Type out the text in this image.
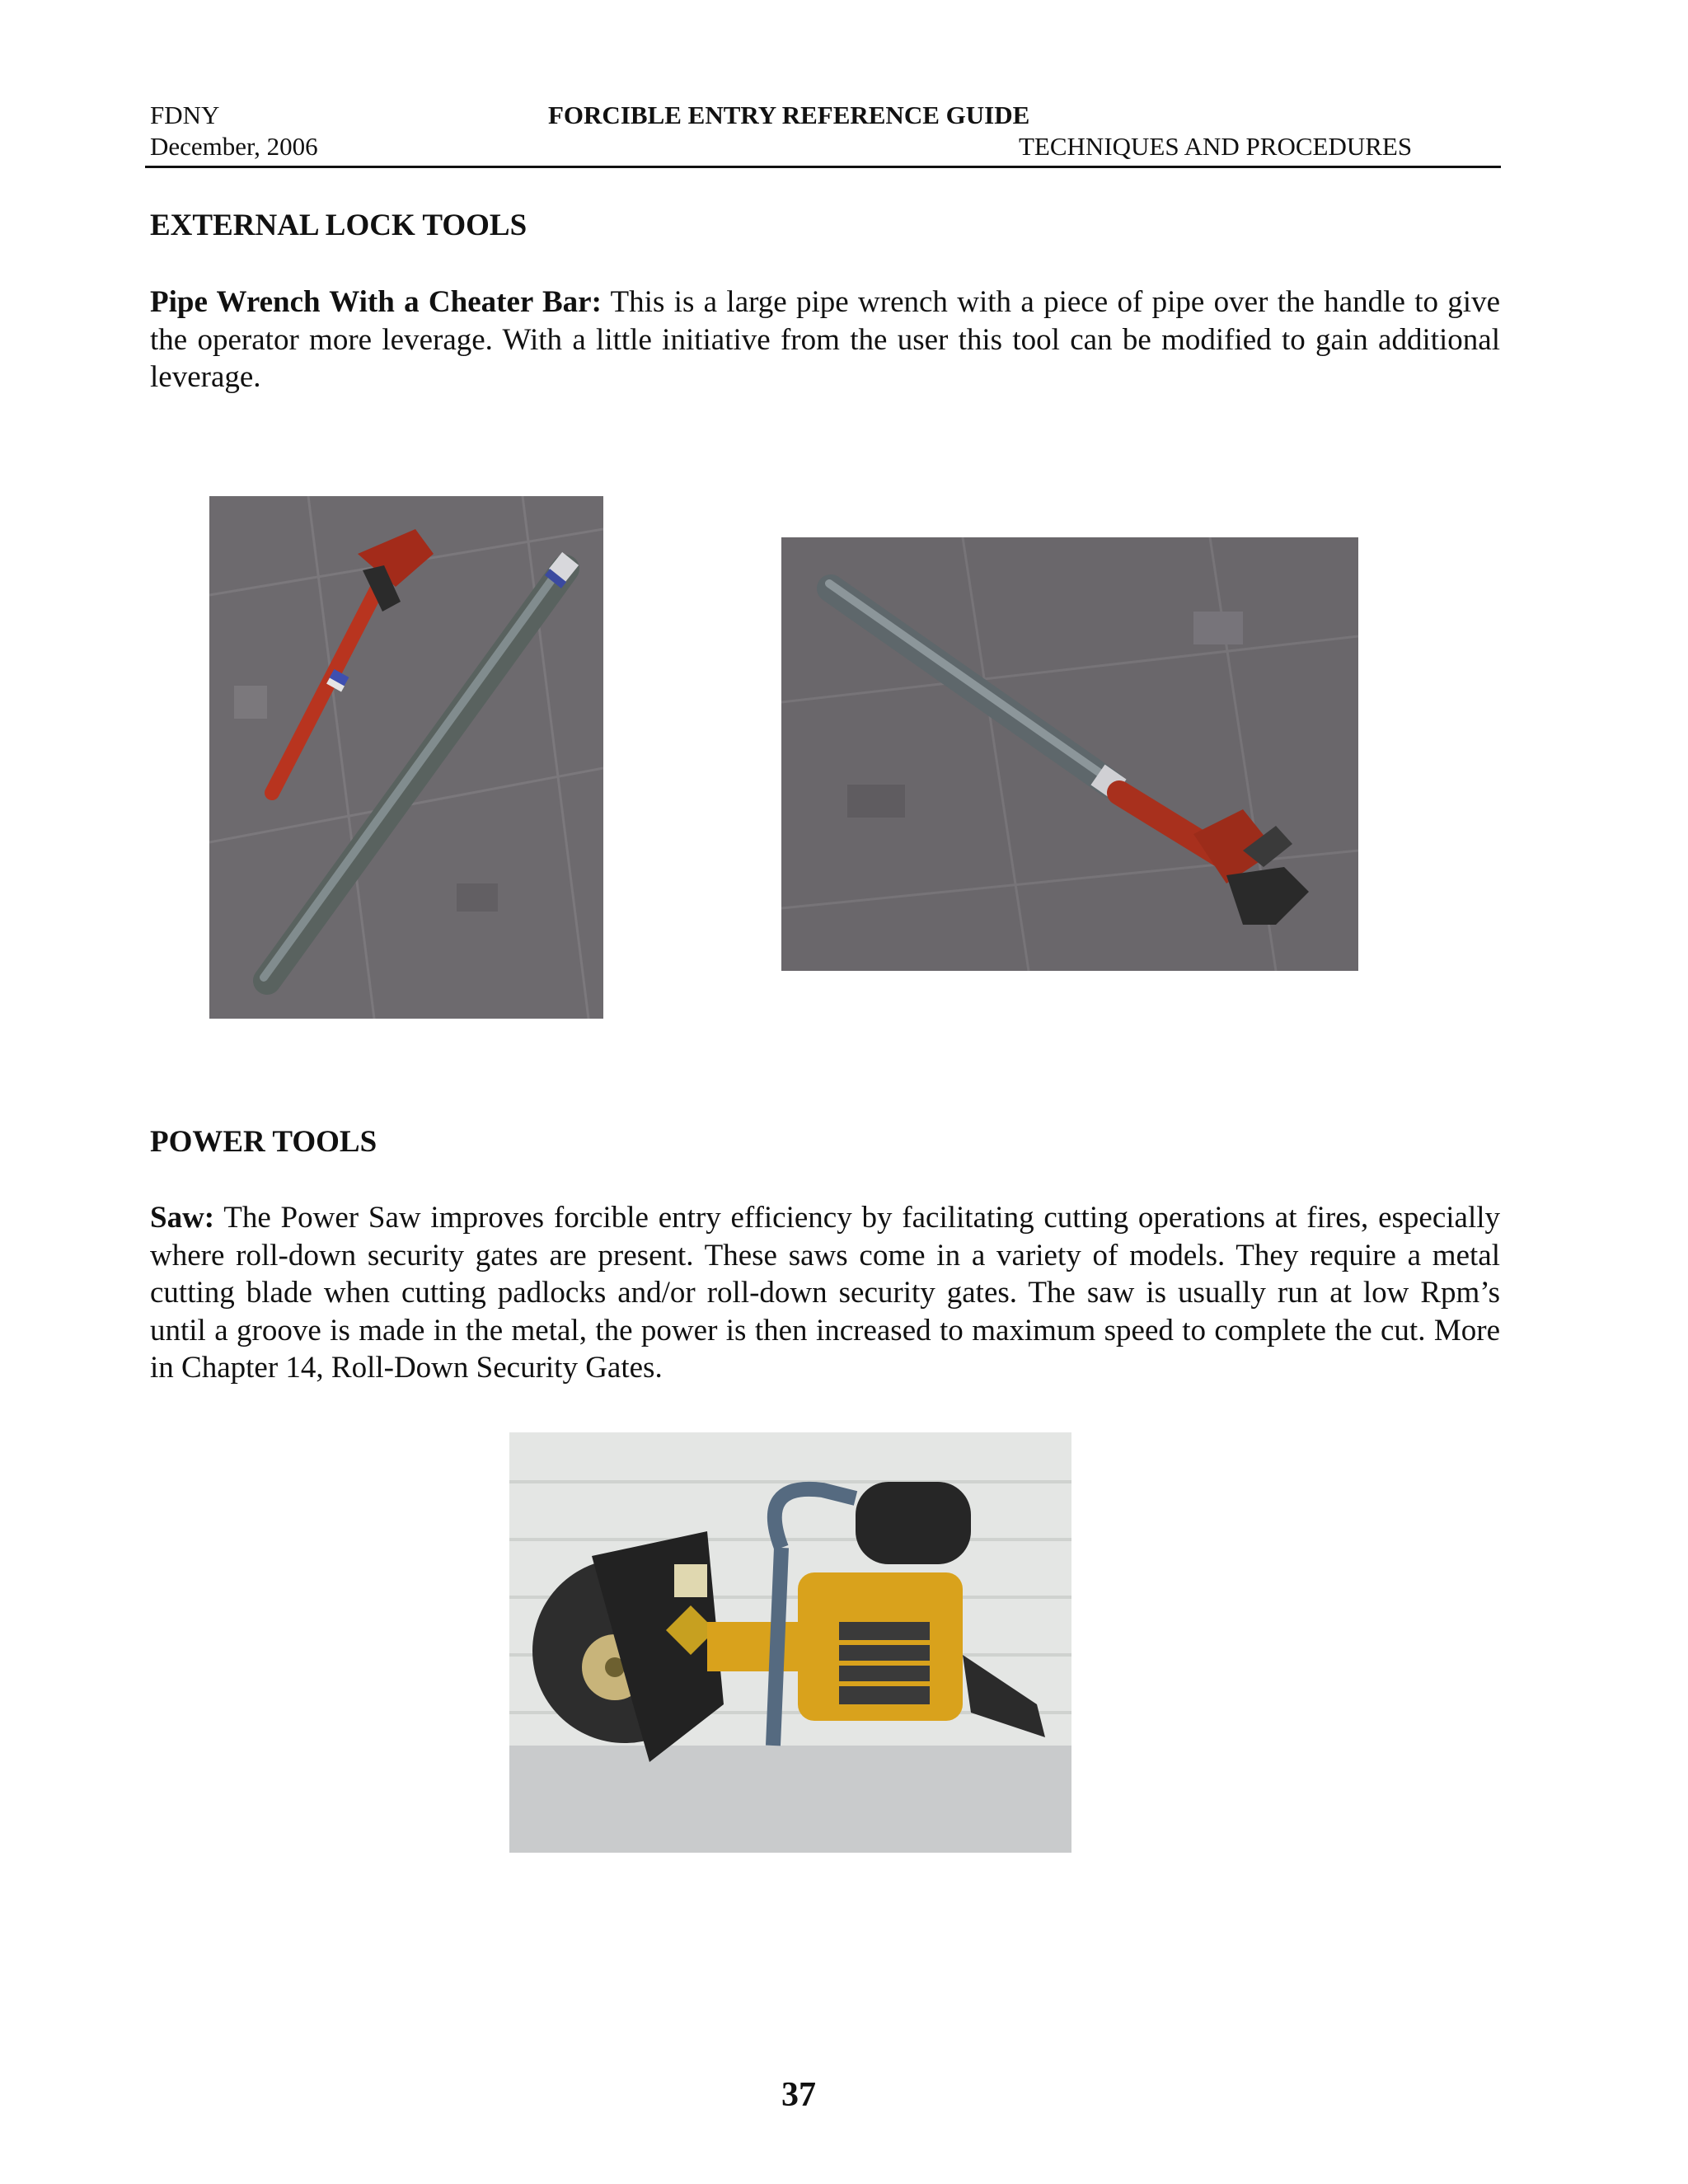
FDNY	FORCIBLE ENTRY REFERENCE GUIDE
December, 2006	TECHNIQUES AND PROCEDURES
EXTERNAL LOCK TOOLS
Pipe Wrench With a Cheater Bar: This is a large pipe wrench with a piece of pipe over the handle to give the operator more leverage. With a little initiative from the user this tool can be modified to gain additional leverage.
POWER TOOLS
Saw: The Power Saw improves forcible entry efficiency by facilitating cutting operations at fires, especially where roll-down security gates are present. These saws come in a variety of models. They require a metal cutting blade when cutting padlocks and/or roll-down security gates. The saw is usually run at low Rpm’s until a groove is made in the metal, the power is then increased to maximum speed to complete the cut. More in Chapter 14, Roll-Down Security Gates.
37
